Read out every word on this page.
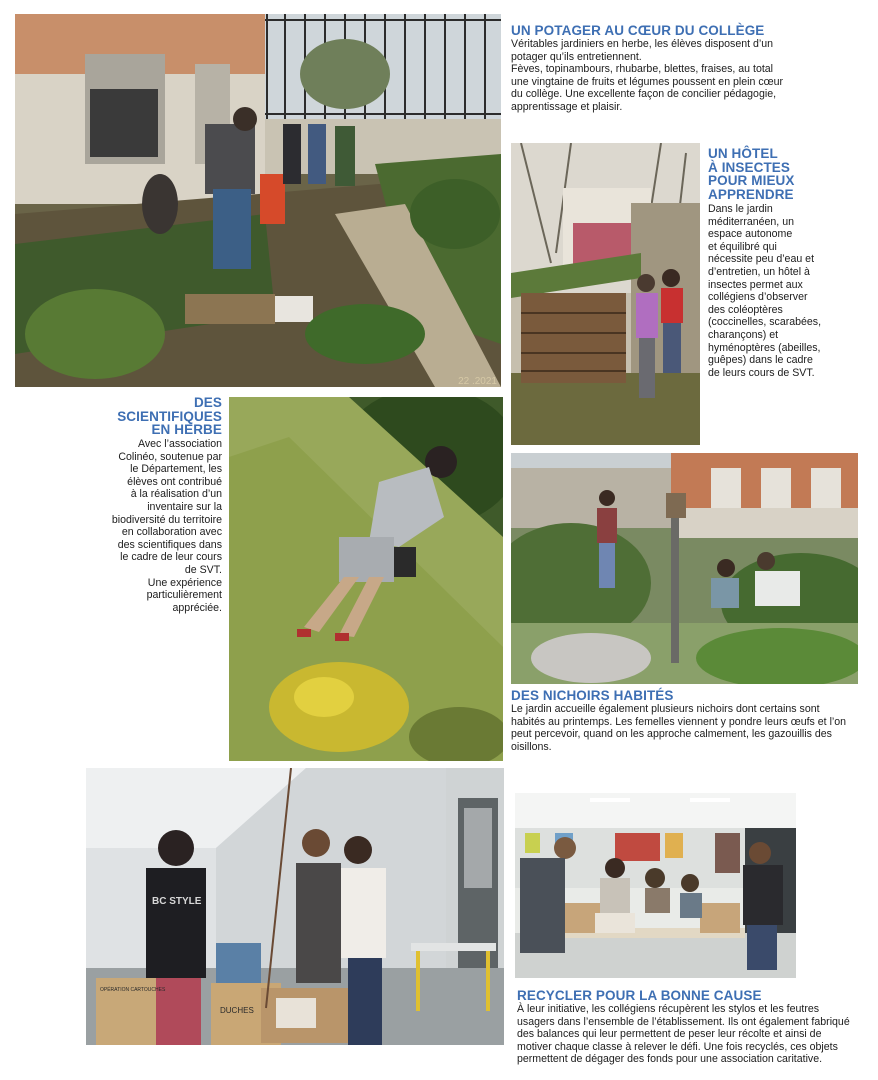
22 .2021
UN POTAGER AU CŒUR DU COLLÈGE
Véritables jardiniers en herbe, les élèves disposent d’un
potager qu’ils entretiennent.
Fèves, topinambours, rhubarbe, blettes, fraises, au total
une vingtaine de fruits et légumes poussent en plein cœur
du collège. Une excellente façon de concilier pédagogie,
apprentissage et plaisir.
UN HÔTEL
À INSECTES
POUR MIEUX
APPRENDRE
Dans le jardin
méditerranéen, un
espace autonome
et équilibré qui
nécessite peu d’eau et
d’entretien, un hôtel à
insectes permet aux
collégiens d’observer
des coléoptères
(coccinelles, scarabées,
charançons) et
hyménoptères (abeilles,
guêpes) dans le cadre
de leurs cours de SVT.
DES
SCIENTIFIQUES
EN HERBE
Avec l’association
Colinéo, soutenue par
le Département, les
élèves ont contribué
à la réalisation d’un
inventaire sur la
biodiversité du territoire
en collaboration avec
des scientifiques dans
le cadre de leur cours
de SVT.
Une expérience
particulièrement
appréciée.
DES NICHOIRS HABITÉS
Le jardin accueille également plusieurs nichoirs dont certains sont
habités au printemps. Les femelles viennent y pondre leurs œufs et l’on
peut percevoir, quand on les approche calmement, les gazouillis des
oisillons.
OPÉRATION CARTOUCHES
DUCHES
BC STYLE
RECYCLER POUR LA BONNE CAUSE
À leur initiative, les collégiens récupèrent les stylos et les feutres
usagers dans l’ensemble de l’établissement. Ils ont également fabriqué
des balances qui leur permettent de peser leur récolte et ainsi de
motiver chaque classe à relever le défi. Une fois recyclés, ces objets
permettent de dégager des fonds pour une association caritative.
